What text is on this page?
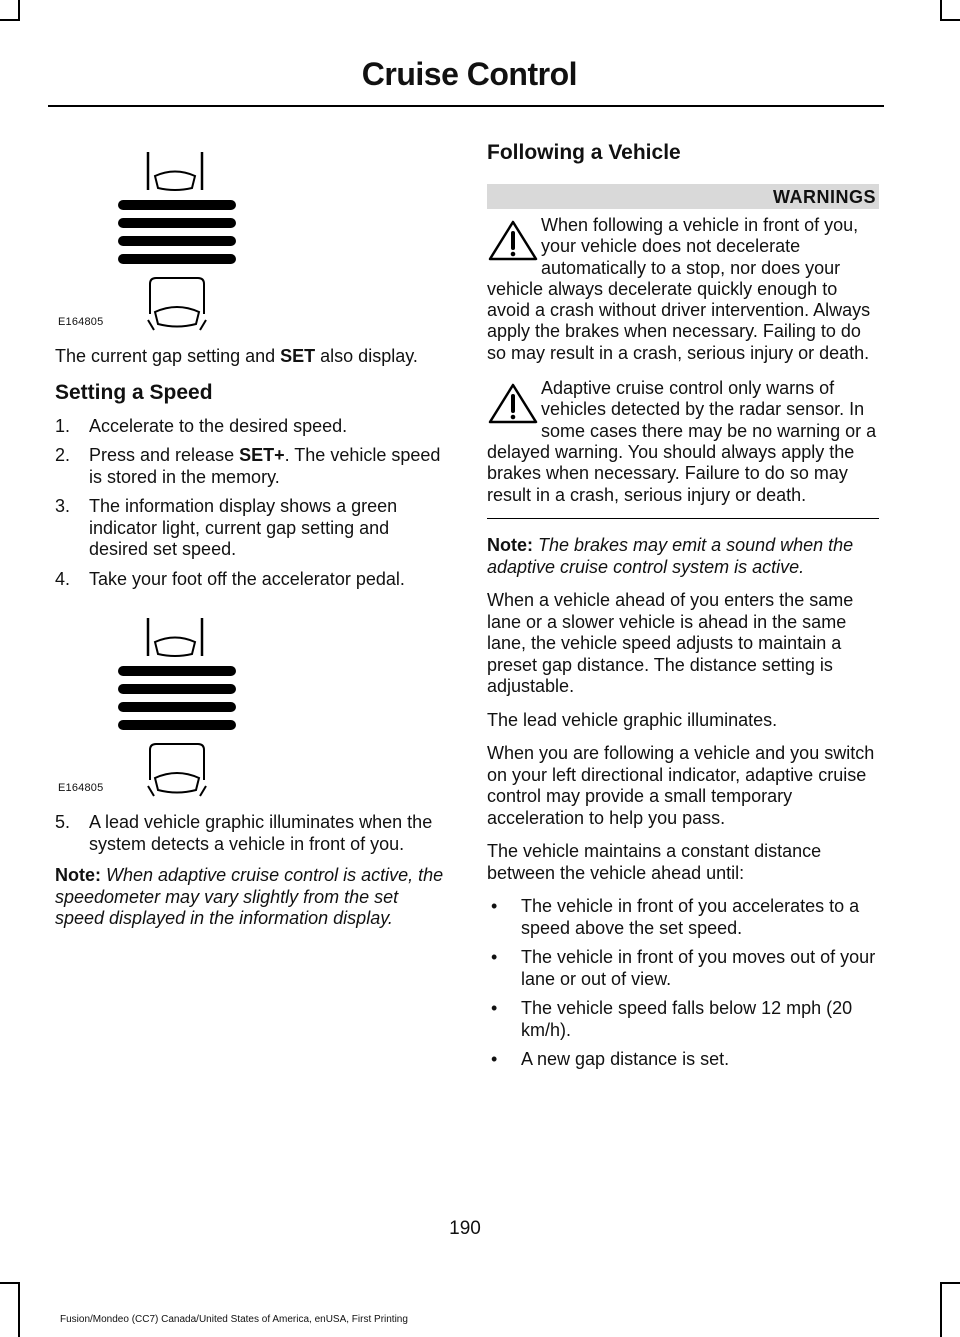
Cruise Control
E164805

The current gap setting and SET also display.

Setting a Speed
1. Accelerate to the desired speed.
2. Press and release SET+. The vehicle speed is stored in the memory.
3. The information display shows a green indicator light, current gap setting and desired set speed.
4. Take your foot off the accelerator pedal.
E164805
5. A lead vehicle graphic illuminates when the system detects a vehicle in front of you.

Note: When adaptive cruise control is active, the speedometer may vary slightly from the set speed displayed in the information display.

Following a Vehicle
WARNINGS
When following a vehicle in front of you, your vehicle does not decelerate automatically to a stop, nor does your vehicle always decelerate quickly enough to avoid a crash without driver intervention. Always apply the brakes when necessary. Failing to do so may result in a crash, serious injury or death.
Adaptive cruise control only warns of vehicles detected by the radar sensor. In some cases there may be no warning or a delayed warning. You should always apply the brakes when necessary. Failure to do so may result in a crash, serious injury or death.

Note: The brakes may emit a sound when the adaptive cruise control system is active.

When a vehicle ahead of you enters the same lane or a slower vehicle is ahead in the same lane, the vehicle speed adjusts to maintain a preset gap distance. The distance setting is adjustable.

The lead vehicle graphic illuminates.

When you are following a vehicle and you switch on your left directional indicator, adaptive cruise control may provide a small temporary acceleration to help you pass.

The vehicle maintains a constant distance between the vehicle ahead until:

• The vehicle in front of you accelerates to a speed above the set speed.
• The vehicle in front of you moves out of your lane or out of view.
• The vehicle speed falls below 12 mph (20 km/h).
• A new gap distance is set.
190
Fusion/Mondeo (CC7) Canada/United States of America, enUSA, First Printing
